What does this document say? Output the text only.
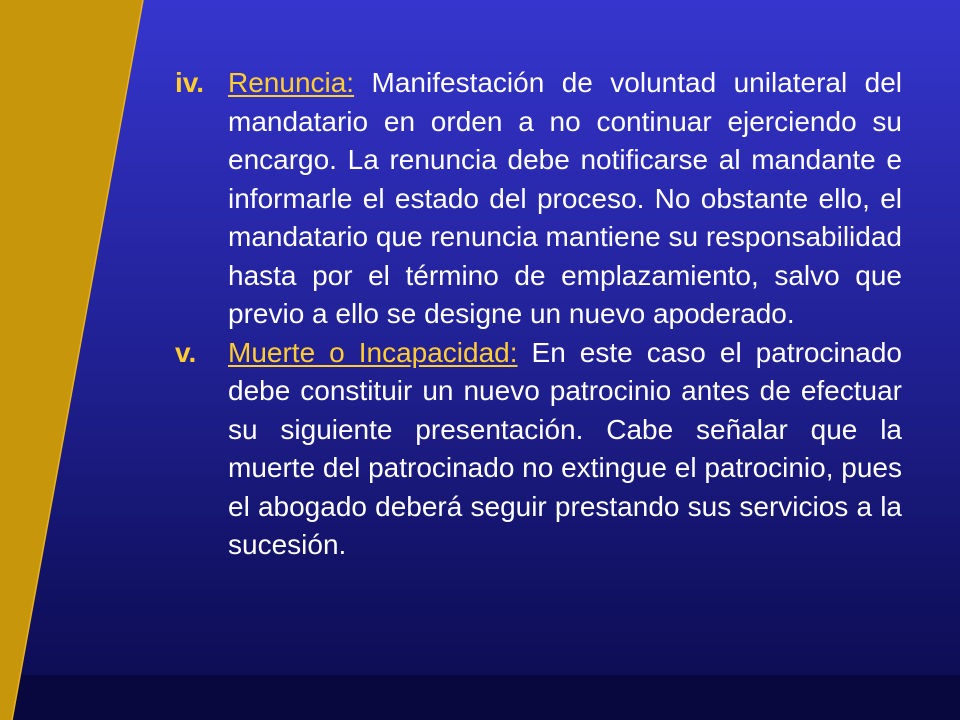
iv. Renuncia: Manifestación de voluntad unilateral del mandatario en orden a no continuar ejerciendo su encargo. La renuncia debe notificarse al mandante e informarle el estado del proceso. No obstante ello, el mandatario que renuncia mantiene su responsabilidad hasta por el término de emplazamiento, salvo que previo a ello se designe un nuevo apoderado.

v.	Muerte o Incapacidad: En este caso el patrocinado debe constituir un nuevo patrocinio antes de efectuar su siguiente presentación. Cabe señalar que la muerte del patrocinado no extingue el patrocinio, pues el abogado deberá seguir prestando sus servicios a la sucesión.
